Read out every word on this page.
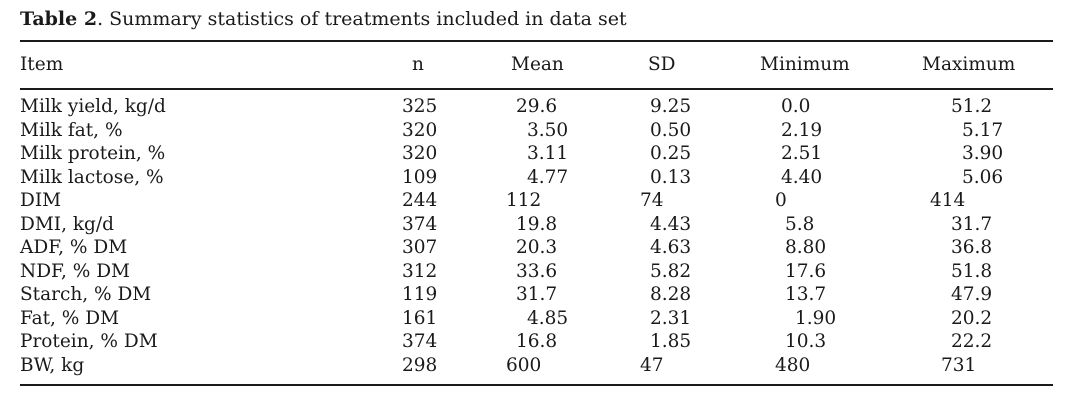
Table 2. Summary statistics of treatments included in data set
Item	n	Mean	SD	Minimum	Maximum
Milk yield, kg/d	325	29.6	9.25	0.0	51.2
Milk fat, %	320	3.50	0.50	2.19	5.17
Milk protein, %	320	3.11	0.25	2.51	3.90
Milk lactose, %	109	4.77	0.13	4.40	5.06
DIM	244	112	74	0	414
DMI, kg/d	374	19.8	4.43	5.8	31.7
ADF, % DM	307	20.3	4.63	8.80	36.8
NDF, % DM	312	33.6	5.82	17.6	51.8
Starch, % DM	119	31.7	8.28	13.7	47.9
Fat, % DM	161	4.85	2.31	1.90	20.2
Protein, % DM	374	16.8	1.85	10.3	22.2
BW, kg	298	600	47	480	731
